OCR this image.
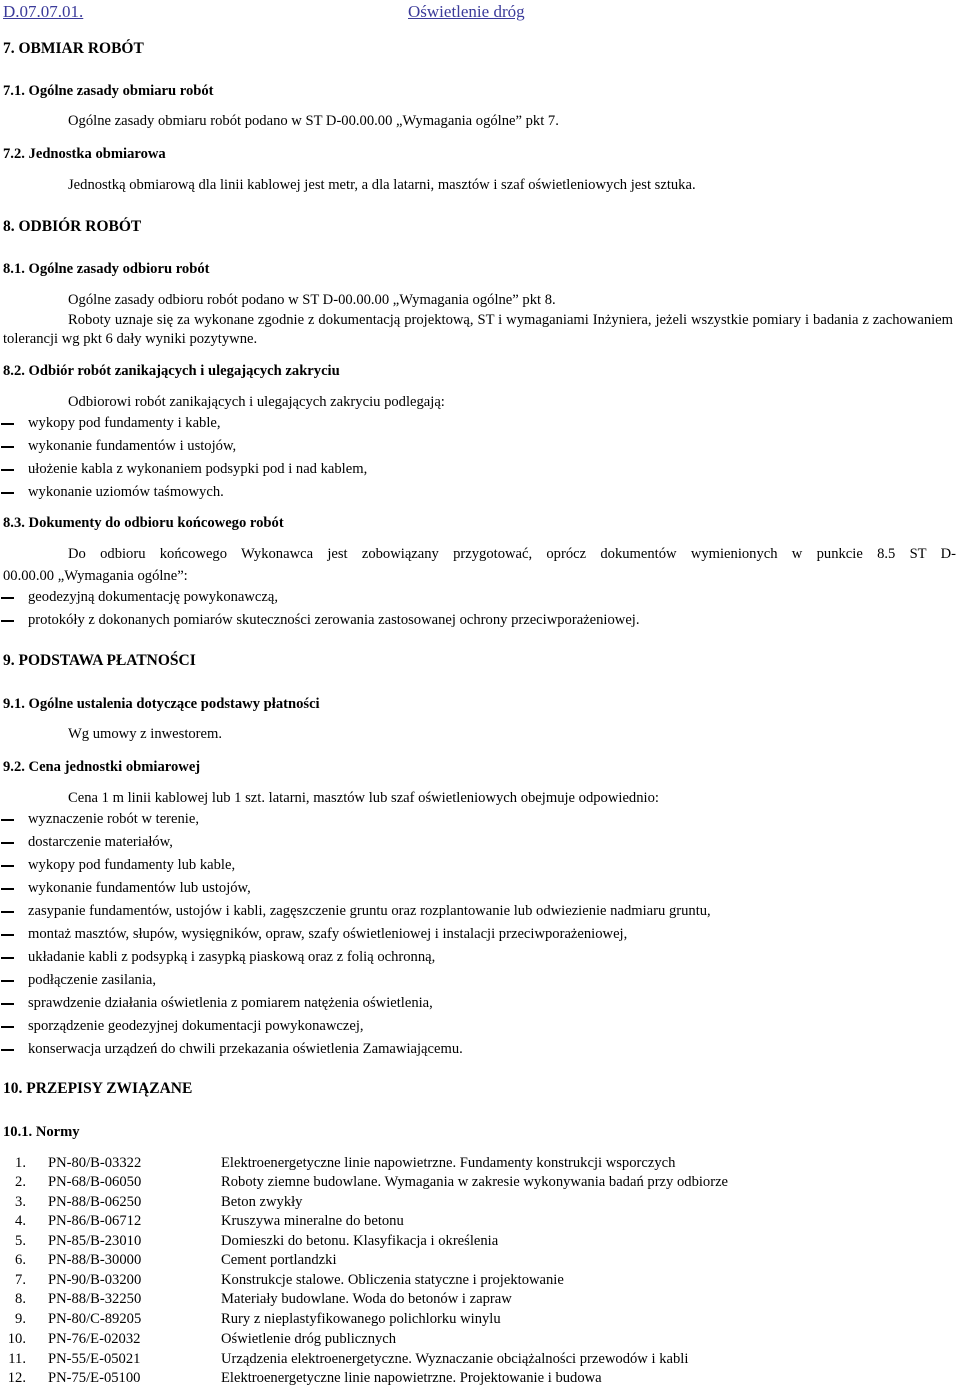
D.07.07.01.	Oświetlenie dróg
7. OBMIAR ROBÓT
7.1. Ogólne zasady obmiaru robót
Ogólne zasady obmiaru robót podano w ST D-00.00.00 „Wymagania ogólne” pkt 7.
7.2. Jednostka obmiarowa
Jednostką obmiarową dla linii kablowej jest metr, a dla latarni, masztów i szaf oświetleniowych jest sztuka.
8. ODBIÓR ROBÓT
8.1. Ogólne zasady odbioru robót
Ogólne zasady odbioru robót podano w ST D-00.00.00 „Wymagania ogólne” pkt 8.
Roboty uznaje się za wykonane zgodnie z dokumentacją projektową, ST i wymaganiami Inżyniera, jeżeli wszystkie pomiary i badania z zachowaniem tolerancji wg pkt 6 dały wyniki pozytywne.
8.2. Odbiór robót zanikających i ulegających zakryciu
Odbiorowi robót zanikających i ulegających zakryciu podlegają:
wykopy pod fundamenty i kable,
wykonanie fundamentów i ustojów,
ułożenie kabla z wykonaniem podsypki pod i nad kablem,
wykonanie uziomów taśmowych.
8.3. Dokumenty do odbioru końcowego robót
Do odbioru końcowego Wykonawca jest zobowiązany przygotować, oprócz dokumentów wymienionych w punkcie 8.5 ST D-
00.00.00 „Wymagania ogólne”:
geodezyjną dokumentację powykonawczą,
protokóły z dokonanych pomiarów skuteczności zerowania zastosowanej ochrony przeciwporażeniowej.
9. PODSTAWA PŁATNOŚCI
9.1. Ogólne ustalenia dotyczące podstawy płatności
Wg umowy z inwestorem.
9.2. Cena jednostki obmiarowej
Cena 1 m linii kablowej lub 1 szt. latarni, masztów lub szaf oświetleniowych obejmuje odpowiednio:
wyznaczenie robót w terenie,
dostarczenie materiałów,
wykopy pod fundamenty lub kable,
wykonanie fundamentów lub ustojów,
zasypanie fundamentów, ustojów i kabli, zagęszczenie gruntu oraz rozplantowanie lub odwiezienie nadmiaru gruntu,
montaż masztów, słupów, wysięgników, opraw, szafy oświetleniowej i instalacji przeciwporażeniowej,
układanie kabli z podsypką i zasypką piaskową oraz z folią ochronną,
podłączenie zasilania,
sprawdzenie działania oświetlenia z pomiarem natężenia oświetlenia,
sporządzenie geodezyjnej dokumentacji powykonawczej,
konserwacja urządzeń do chwili przekazania oświetlenia Zamawiającemu.
10. PRZEPISY ZWIĄZANE
10.1. Normy
1. PN-80/B-03322	Elektroenergetyczne linie napowietrzne. Fundamenty konstrukcji wsporczych
2. PN-68/B-06050	Roboty ziemne budowlane. Wymagania w zakresie wykonywania badań przy odbiorze
3. PN-88/B-06250	Beton zwykły
4. PN-86/B-06712	Kruszywa mineralne do betonu
5. PN-85/B-23010	Domieszki do betonu. Klasyfikacja i określenia
6. PN-88/B-30000	Cement portlandzki
7. PN-90/B-03200	Konstrukcje stalowe. Obliczenia statyczne i projektowanie
8. PN-88/B-32250	Materiały budowlane. Woda do betonów i zapraw
9. PN-80/C-89205	Rury z nieplastyfikowanego polichlorku winylu
10. PN-76/E-02032	Oświetlenie dróg publicznych
11. PN-55/E-05021	Urządzenia elektroenergetyczne. Wyznaczanie obciążalności przewodów i kabli
12. PN-75/E-05100	Elektroenergetyczne linie napowietrzne. Projektowanie i budowa
